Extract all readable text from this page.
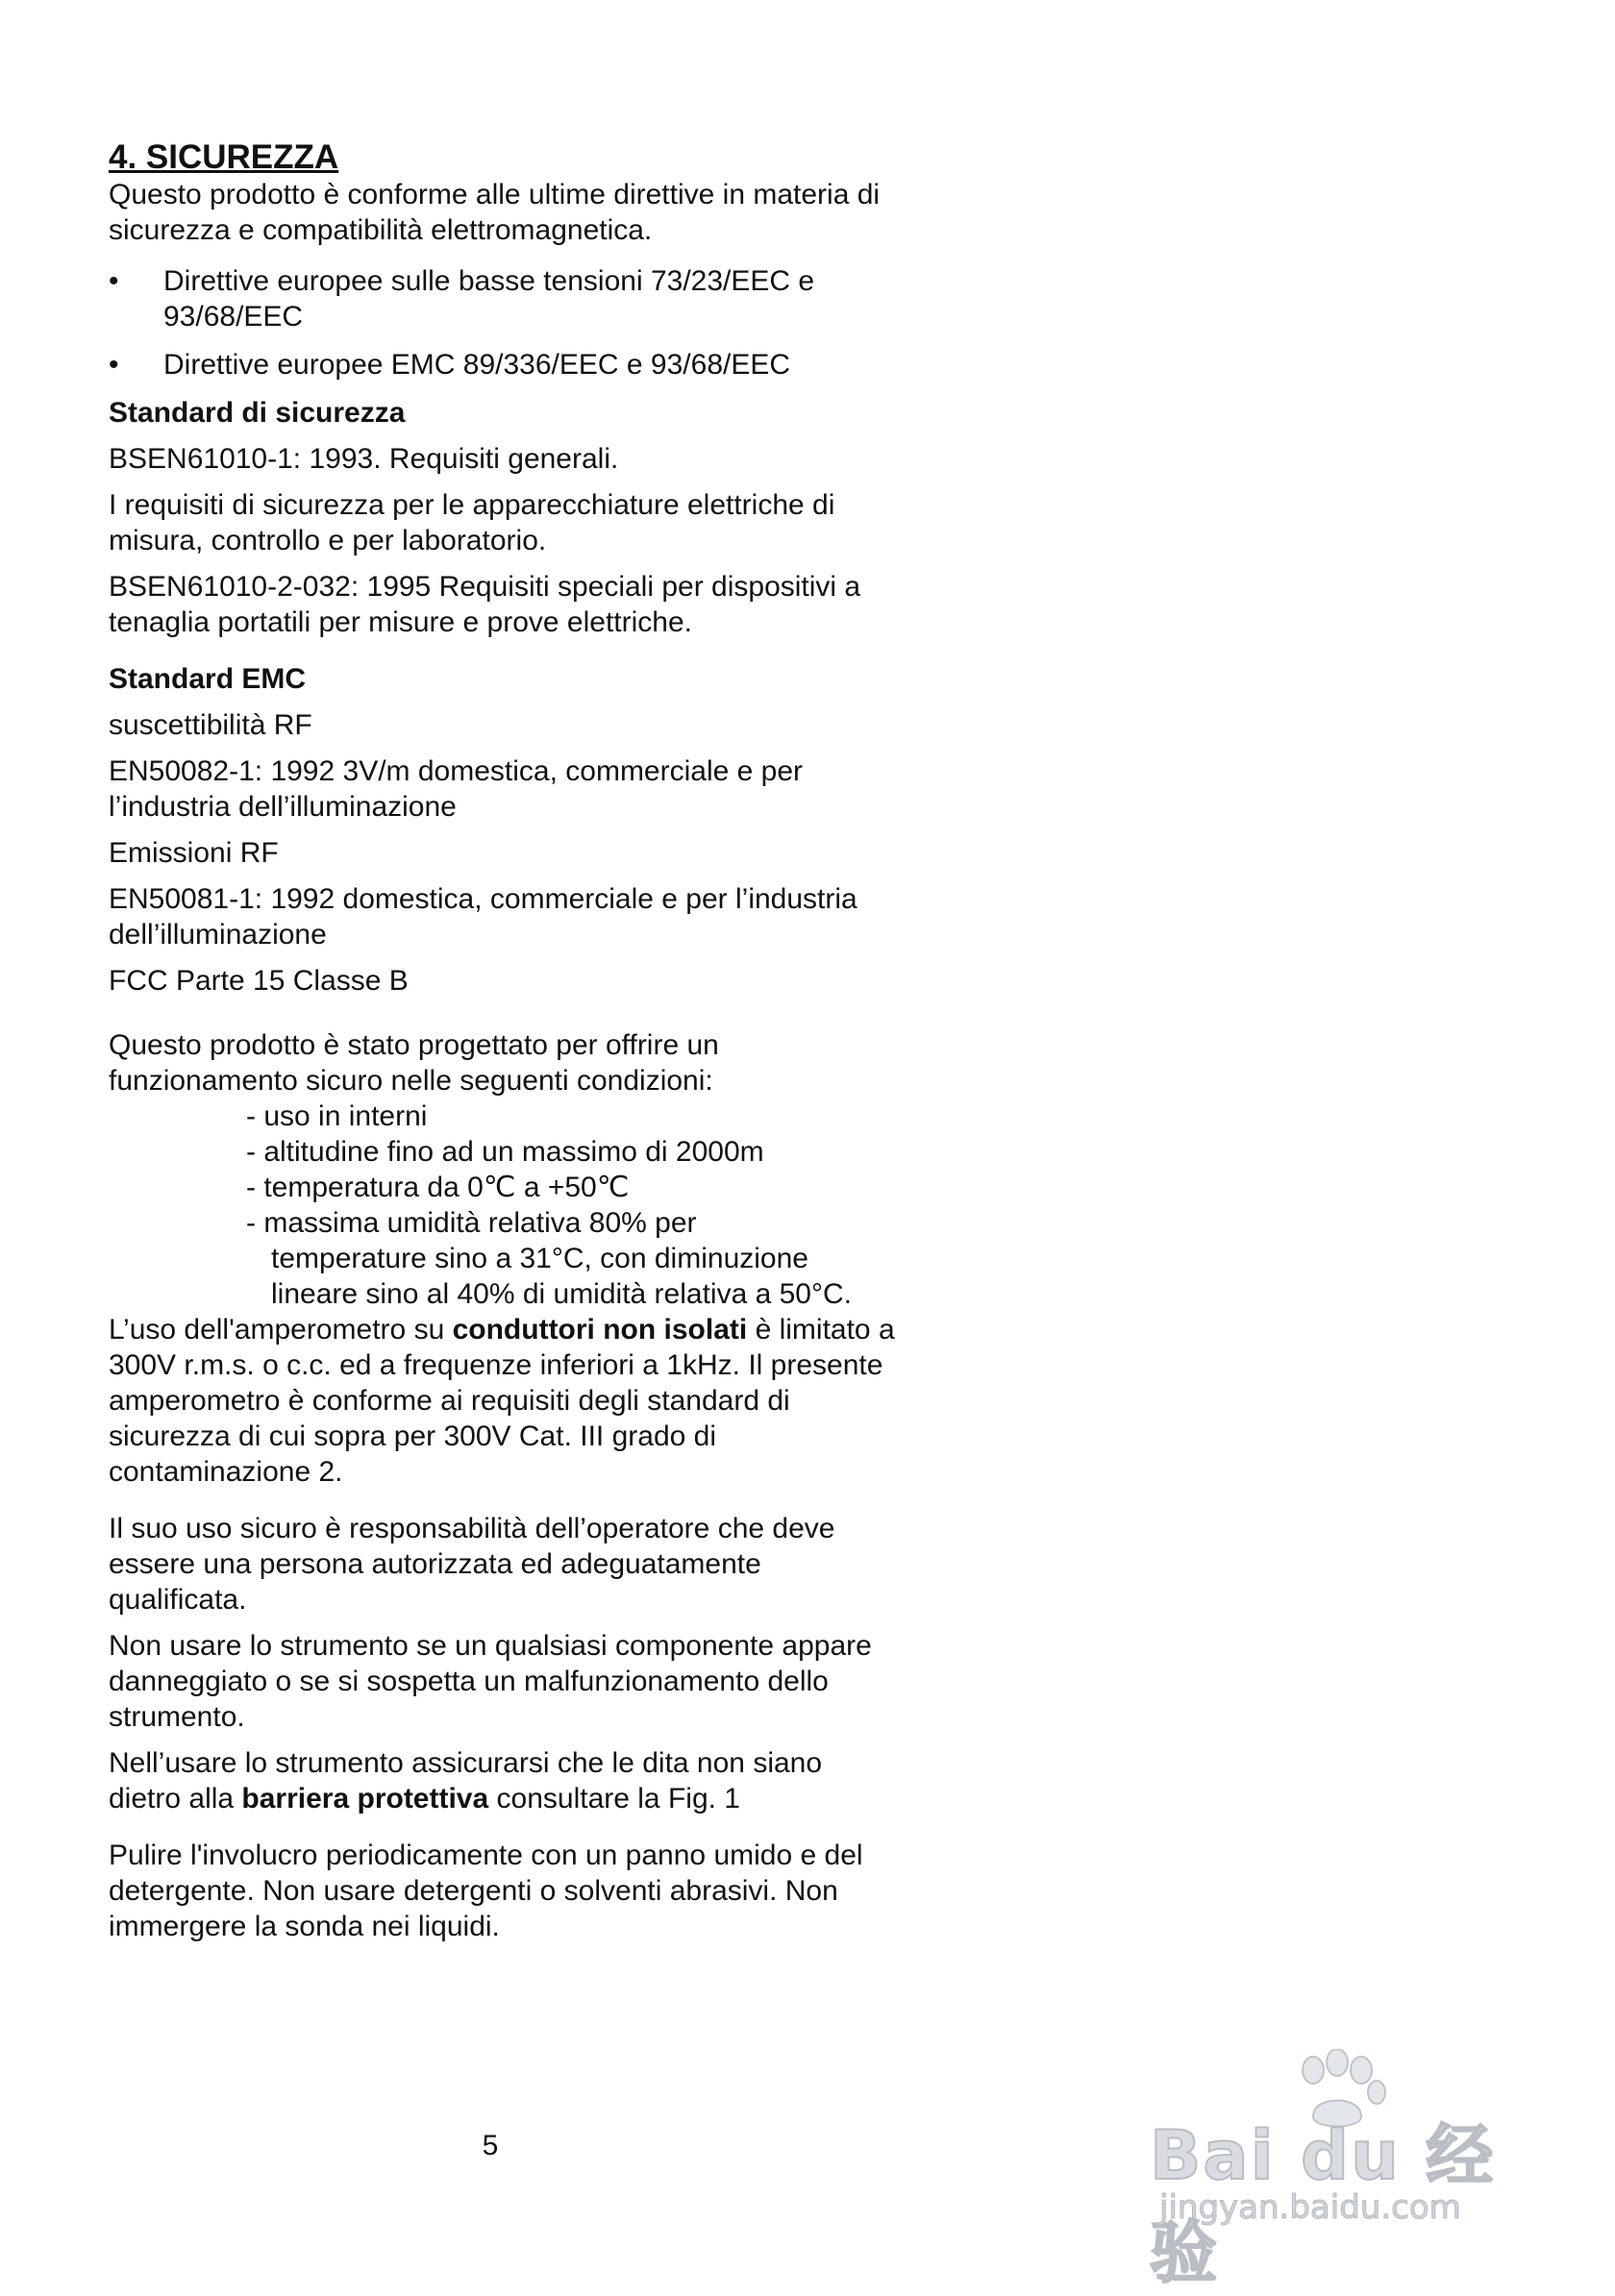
4. SICUREZZA

Questo prodotto è conforme alle ultime direttive in materia di sicurezza e compatibilità elettromagnetica.

• Direttive europee sulle basse tensioni 73/23/EEC e 93/68/EEC
• Direttive europee EMC 89/336/EEC e 93/68/EEC
Standard di sicurezza

BSEN61010-1: 1993. Requisiti generali.

I requisiti di sicurezza per le apparecchiature elettriche di misura, controllo e per laboratorio.

BSEN61010-2-032: 1995 Requisiti speciali per dispositivi a tenaglia portatili per misure e prove elettriche.

Standard EMC

suscettibilità RF

EN50082-1: 1992 3V/m domestica, commerciale e per l’industria dell’illuminazione

Emissioni RF

EN50081-1: 1992 domestica, commerciale e per l’industria dell’illuminazione

FCC Parte 15 Classe B

Questo prodotto è stato progettato per offrire un funzionamento sicuro nelle seguenti condizioni:

- uso in interni
- altitudine fino ad un massimo di 2000m
- temperatura da 0℃ a +50℃
- massima umidità relativa 80% per
temperature sino a 31°C, con diminuzione lineare sino al 40% di umidità relativa a 50°C.

L’uso dell'amperometro su conduttori non isolati è limitato a 300V r.m.s. o c.c. ed a frequenze inferiori a 1kHz. Il presente amperometro è conforme ai requisiti degli standard di sicurezza di cui sopra per 300V Cat. III grado di contaminazione 2.

Il suo uso sicuro è responsabilità dell’operatore che deve essere una persona autorizzata ed adeguatamente qualificata.

Non usare lo strumento se un qualsiasi componente appare danneggiato o se si sospetta un malfunzionamento dello strumento.

Nell’usare lo strumento assicurarsi che le dita non siano dietro alla barriera protettiva consultare la Fig. 1

Pulire l'involucro periodicamente con un panno umido e del detergente. Non usare detergenti o solventi abrasivi. Non immergere la sonda nei liquidi.

5	Bai du 经验
jingyan.baidu.com
